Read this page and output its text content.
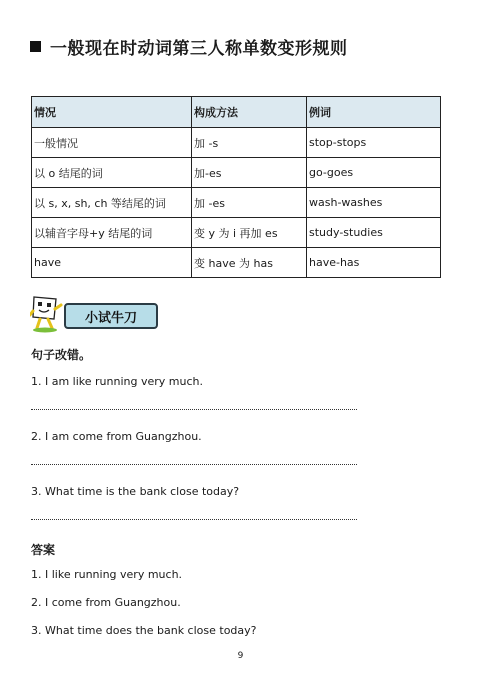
一般现在时动词第三人称单数变形规则
情况	构成方法	例词
一般情况	加 -s	stop-stops
以 o 结尾的词	加-es	go-goes
以 s, x, sh, ch 等结尾的词	加 -es	wash-washes
以辅音字母+y 结尾的词	变 y 为 i 再加 es	study-studies
have	变 have 为 has	have-has
小试牛刀
句子改错。
1. I am like running very much.
2. I am come from Guangzhou.
3. What time is the bank close today?
答案
1. I like running very much.
2. I come from Guangzhou.
3. What time does the bank close today?
9
